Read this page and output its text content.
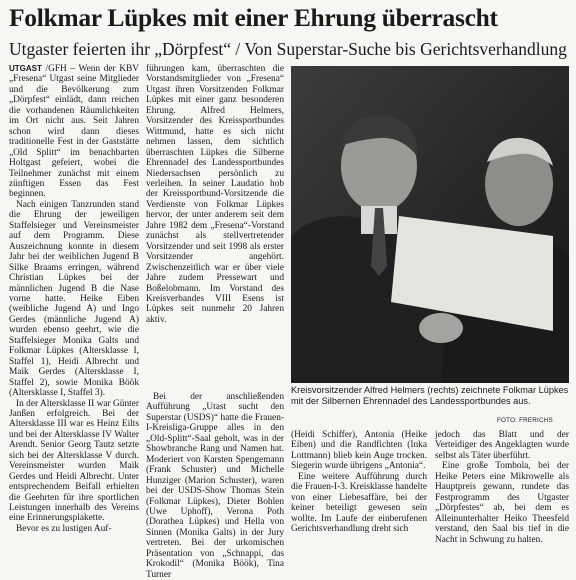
Folkmar Lüpkes mit einer Ehrung überrascht
Utgaster feierten ihr „Dörpfest“ / Von Superstar-Suche bis Gerichtsverhandlung

UTGAST /GFH – Wenn der KBV „Fresena“ Utgast seine Mitglieder und die Bevölkerung zum „Dörpfest“ einlädt, dann reichen die vorhandenen Räumlichkeiten im Ort nicht aus. Seit Jahren schon wird dann dieses traditionelle Fest in der Gaststätte „Old Splitt“ im benachbarten Holtgast gefeiert, wobei die Teilnehmer zunächst mit einem zünftigen Essen das Fest beginnen.

Nach einigen Tanzrunden stand die Ehrung der jeweiligen Staffelsieger und Vereinsmeister auf dem Programm. Diese Auszeichnung konnte in diesem Jahr bei der weiblichen Jugend B Silke Braams erringen, während Christian Lüpkes bei der männlichen Jugend B die Nase vorne hatte. Heike Eiben (weibliche Jugend A) und Ingo Gerdes (männliche Jugend A) wurden ebenso geehrt, wie die Staffelsieger Monika Galts und Folkmar Lüpkes (Altersklasse I, Staffel 1), Heidi Albrecht und Maik Gerdes (Altersklasse I, Staffel 2), sowie Monika Böök (Altersklasse I, Staffel 3).

In der Altersklasse II war Günter Janßen erfolgreich. Bei der Altersklasse III war es Heinz Eilts und bei der Altersklasse IV Walter Arendt. Senior Georg Tautz setzte sich bei der Altersklasse V durch. Vereinsmeister wurden Maik Gerdes und Heidi Albrecht. Unter entsprechendem Beifall erhielten die Geehrten für ihre sportlichen Leistungen innerhalb des Vereins eine Erinnerungsplakette.

Bevor es zu lustigen Auf-

führungen kam, überraschten die Vorstandsmitglieder von „Fresena“ Utgast ihren Vorsitzenden Folkmar Lüpkes mit einer ganz besonderen Ehrung. Alfred Helmers, Vorsitzender des Kreissportbundes Wittmund, hatte es sich nicht nehmen lassen, dem sichtlich überraschten Lüpkes die Silberne Ehrennadel des Landessportbundes Niedersachsen persönlich zu verleihen. In seiner Laudatio hob der Kreissportbund-Vorsitzende die Verdienste von Folkmar Lüpkes hervor, der unter anderem seit dem Jahre 1982 dem „Fresena“-Vorstand zunächst als stellvertretender Vorsitzender und seit 1998 als erster Vorsitzender angehört. Zwischenzeitlich war er über viele Jahre zudem Pressewart und Boßelobmann. Im Vorstand des Kreisverbandes VIII Esens ist Lüpkes seit nunmehr 20 Jahren aktiv.

Bei der anschließenden Aufführung „Utast sucht den Superstar (USDS)“ hatte die Frauen-I-Kreisliga-Gruppe alles in den „Old-Splitt“-Saal geholt, was in der Showbranche Rang und Namen hat. Moderiert von Karsten Spengemann (Frank Schuster) und Michelle Hunziger (Marion Schuster), waren bei der USDS-Show Thomas Stein (Folkmar Lüpkes), Dieter Bohlen (Uwe Uphoff), Verona Poth (Dorathea Lüpkes) und Hella von Sinnen (Monika Galts) in der Jury vertreten. Bei der urkomischen Präsentation von „Schnappi, das Krokodil“ (Monika Böök), Tina Turner

Kreisvorsitzender Alfred Helmers (rechts) zeichnete Folkmar Lüpkes mit der Silbernen Ehrennadel des Landessportbundes aus.
FOTO: FRERICHS

(Heidi Schiffer), Antonia (Heike Eiben) und die Randfichten (Inka Lottmann) blieb kein Auge trocken. Siegerin wurde übrigens „Antonia“.

Eine weitere Aufführung durch die Frauen-I-3. Kreisklasse handelte von einer Liebesaffäre, bei der keiner beteiligt gewesen sein wollte. Im Laufe der einberufenen Gerichtsverhandlung dreht sich

jedoch das Blatt und der Verteidiger des Angeklagten wurde selbst als Täter überführt.

Eine große Tombola, bei der Heike Peters eine Mikrowelle als Hauptpreis gewann, rundete das Festprogramm des Utgaster „Dörpfestes“ ab, bei dem es Alleinunterhalter Heiko Theesfeld verstand, den Saal bis tief in die Nacht in Schwung zu halten.
